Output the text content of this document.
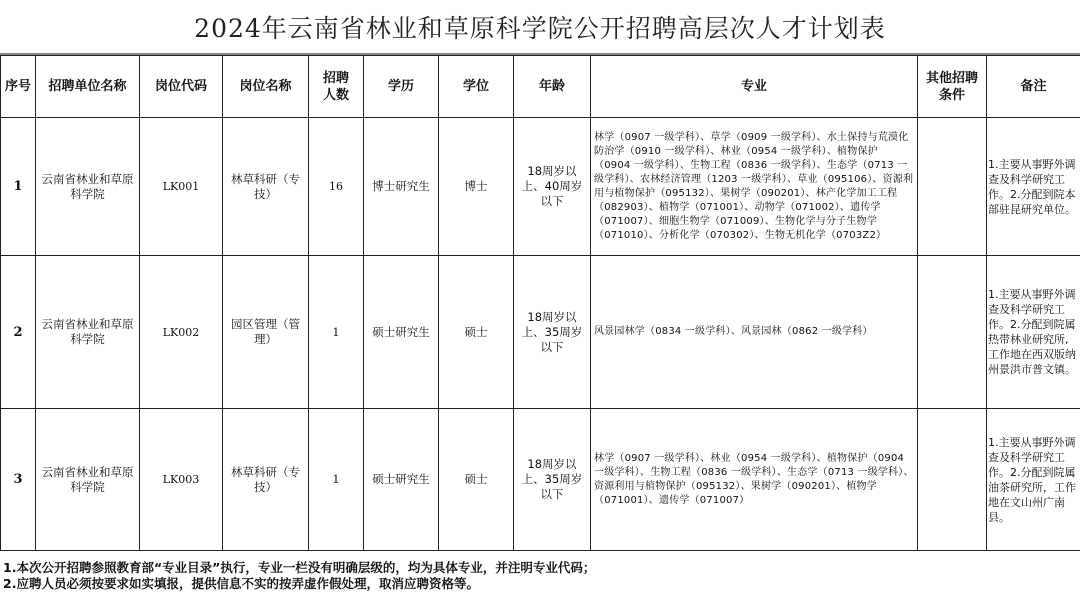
2024年云南省林业和草原科学院公开招聘高层次人才计划表
序号	招聘单位名称	岗位代码	岗位名称	招聘人数	学历	学位	年龄	专业	其他招聘条件	备注
1	云南省林业和草原科学院	LK001	林草科研（专技）	16	博士研究生	博士	18周岁以上、40周岁以下	林学（0907 一级学科）、草学（0909 一级学科）、水土保持与荒漠化防治学（0910 一级学科）、林业（0954 一级学科）、植物保护（0904 一级学科）、生物工程（0836 一级学科）、生态学（0713 一级学科）、农林经济管理（1203 一级学科）、草业（095106）、资源利用与植物保护（095132）、果树学（090201）、林产化学加工工程（082903）、植物学（071001）、动物学（071002）、遗传学（071007）、细胞生物学（071009）、生物化学与分子生物学（071010）、分析化学（070302）、生物无机化学（0703Z2）		1.主要从事野外调查及科学研究工作。2.分配到院本部驻昆研究单位。
2	云南省林业和草原科学院	LK002	园区管理（管理）	1	硕士研究生	硕士	18周岁以上、35周岁以下	风景园林学（0834 一级学科）、风景园林（0862 一级学科）		1.主要从事野外调查及科学研究工作。2.分配到院属热带林业研究所,工作地在西双版纳州景洪市普文镇。
3	云南省林业和草原科学院	LK003	林草科研（专技）	1	硕士研究生	硕士	18周岁以上、35周岁以下	林学（0907 一级学科）、林业（0954 一级学科）、植物保护（0904 一级学科）、生物工程（0836 一级学科）、生态学（0713 一级学科）、资源利用与植物保护（095132）、果树学（090201）、植物学（071001）、遗传学（071007）		1.主要从事野外调查及科学研究工作。2.分配到院属油茶研究所，工作地在文山州广南县。
1.本次公开招聘参照教育部“专业目录”执行，专业一栏没有明确层级的，均为具体专业，并注明专业代码；
2.应聘人员必须按要求如实填报，提供信息不实的按弄虚作假处理，取消应聘资格等。
